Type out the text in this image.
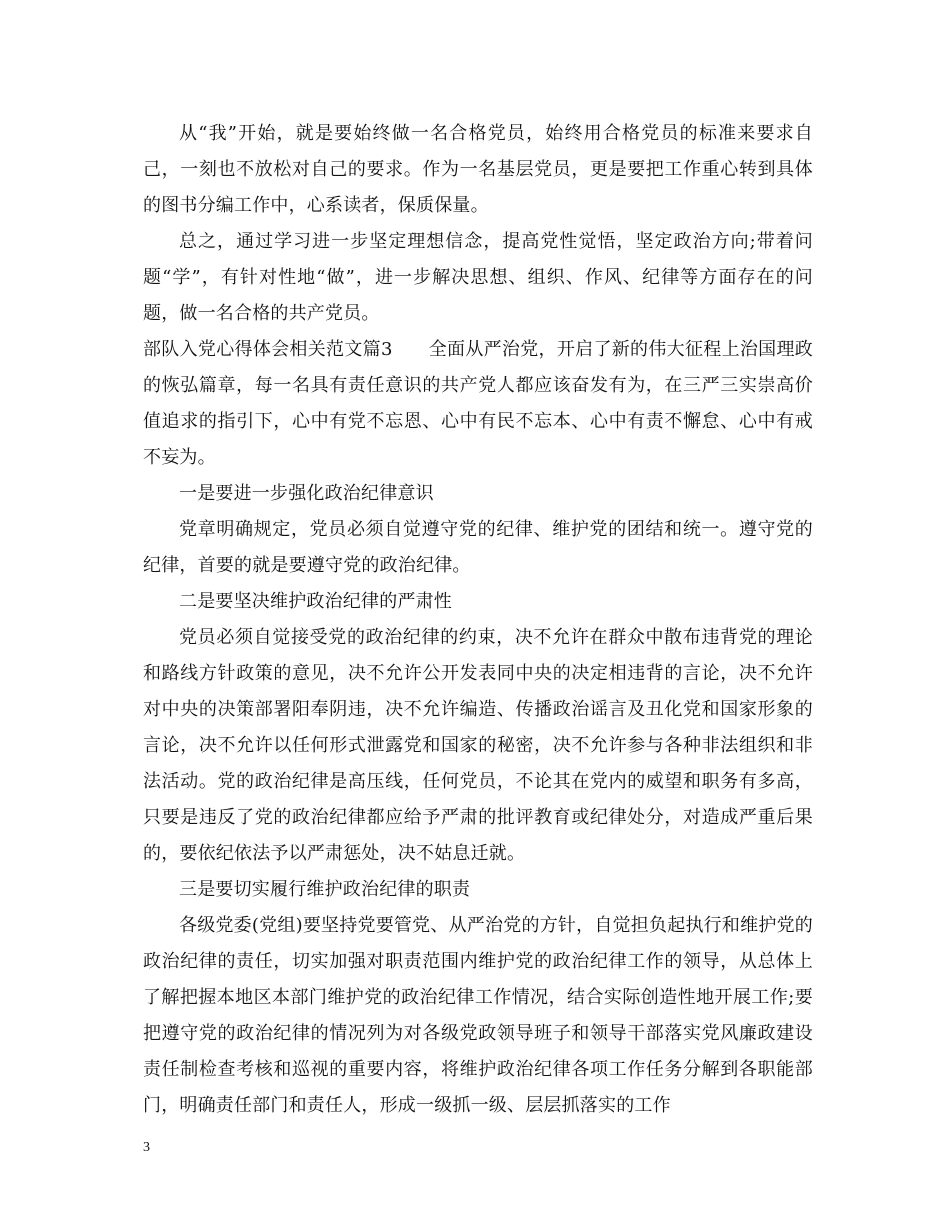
从“我”开始，就是要始终做一名合格党员，始终用合格党员的标准来要求自己，一刻也不放松对自己的要求。作为一名基层党员，更是要把工作重心转到具体的图书分编工作中，心系读者，保质保量。

总之，通过学习进一步坚定理想信念，提高党性觉悟，坚定政治方向;带着问题“学”，有针对性地“做”，进一步解决思想、组织、作风、纪律等方面存在的问题，做一名合格的共产党员。

部队入党心得体会相关范文篇3 全面从严治党，开启了新的伟大征程上治国理政的恢弘篇章，每一名具有责任意识的共产党人都应该奋发有为，在三严三实崇高价值追求的指引下，心中有党不忘恩、心中有民不忘本、心中有责不懈怠、心中有戒不妄为。

一是要进一步强化政治纪律意识

党章明确规定，党员必须自觉遵守党的纪律、维护党的团结和统一。遵守党的纪律，首要的就是要遵守党的政治纪律。

二是要坚决维护政治纪律的严肃性

党员必须自觉接受党的政治纪律的约束，决不允许在群众中散布违背党的理论和路线方针政策的意见，决不允许公开发表同中央的决定相违背的言论，决不允许对中央的决策部署阳奉阴违，决不允许编造、传播政治谣言及丑化党和国家形象的言论，决不允许以任何形式泄露党和国家的秘密，决不允许参与各种非法组织和非法活动。党的政治纪律是高压线，任何党员，不论其在党内的威望和职务有多高，只要是违反了党的政治纪律都应给予严肃的批评教育或纪律处分，对造成严重后果的，要依纪依法予以严肃惩处，决不姑息迁就。

三是要切实履行维护政治纪律的职责

各级党委(党组)要坚持党要管党、从严治党的方针，自觉担负起执行和维护党的政治纪律的责任，切实加强对职责范围内维护党的政治纪律工作的领导，从总体上了解把握本地区本部门维护党的政治纪律工作情况，结合实际创造性地开展工作;要把遵守党的政治纪律的情况列为对各级党政领导班子和领导干部落实党风廉政建设责任制检查考核和巡视的重要内容，将维护政治纪律各项工作任务分解到各职能部门，明确责任部门和责任人，形成一级抓一级、层层抓落实的工作

3
